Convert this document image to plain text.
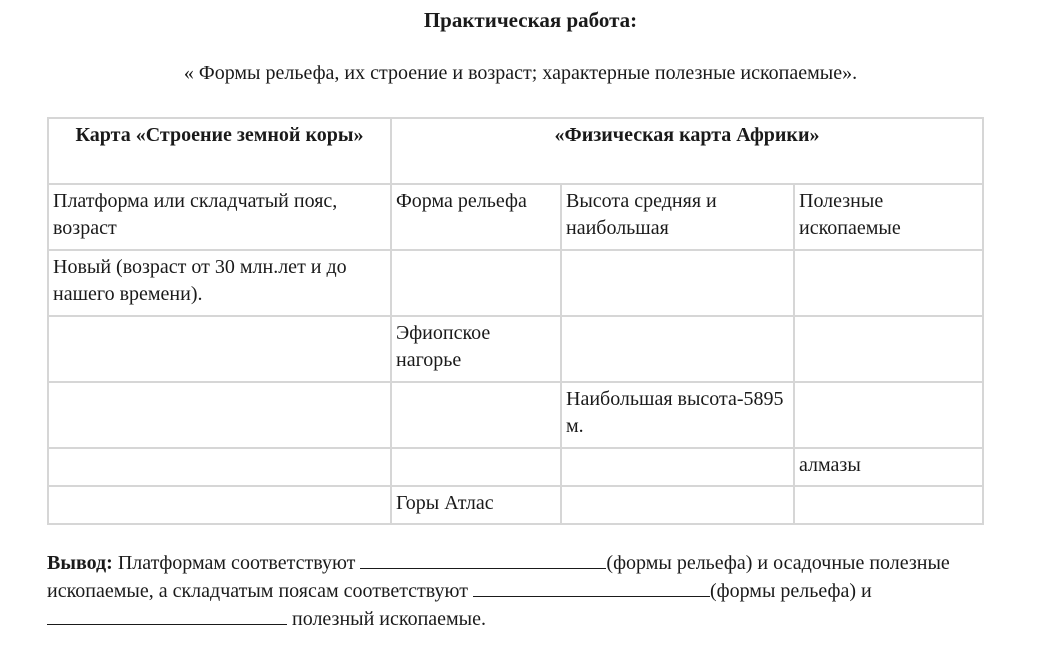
Практическая работа:
« Формы рельефа, их строение и возраст; характерные полезные ископаемые».
Карта «Строение земной коры»	«Физическая карта Африки»		
Платформа или складчатый пояс, возраст	Форма рельефа	Высота средняя и наибольшая	Полезные ископаемые
Новый (возраст от 30 млн.лет и до нашего времени).			
	Эфиопское нагорье		
		Наибольшая высота-5895 м.	
			алмазы
	Горы Атлас		
Вывод: Платформам соответствуют	(формы рельефа) и осадочные полезные ископаемые, а складчатым поясам соответствуют	(формы рельефа) и  полезный ископаемые.
